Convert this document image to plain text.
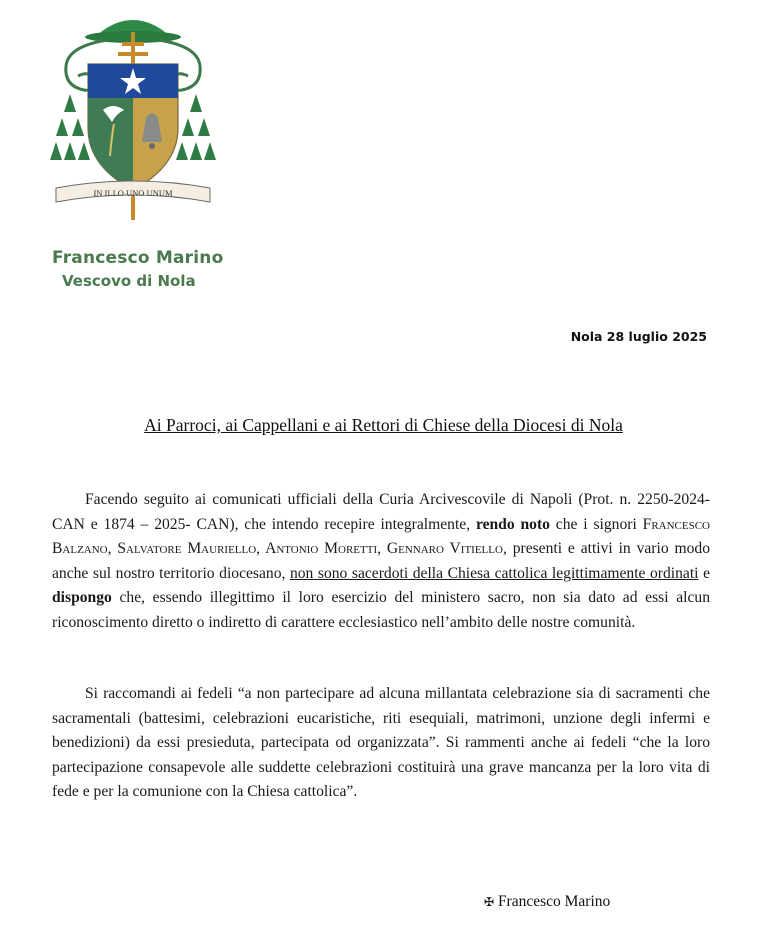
IN ILLO UNO UNUM
Francesco Marino
Vescovo di Nola
Nola 28 luglio 2025
Ai Parroci, ai Cappellani e ai Rettori di Chiese della Diocesi di Nola
Facendo seguito ai comunicati ufficiali della Curia Arcivescovile di Napoli (Prot. n. 2250-2024-CAN e 1874 – 2025- CAN), che intendo recepire integralmente, rendo noto che i signori Francesco Balzano, Salvatore Mauriello, Antonio Moretti, Gennaro Vitiello, presenti e attivi in vario modo anche sul nostro territorio diocesano, non sono sacerdoti della Chiesa cattolica legittimamente ordinati e dispongo che, essendo illegittimo il loro esercizio del ministero sacro, non sia dato ad essi alcun riconoscimento diretto o indiretto di carattere ecclesiastico nell’ambito delle nostre comunità.
Si raccomandi ai fedeli “a non partecipare ad alcuna millantata celebrazione sia di sacramenti che sacramentali (battesimi, celebrazioni eucaristiche, riti esequiali, matrimoni, unzione degli infermi e benedizioni) da essi presieduta, partecipata od organizzata”. Si rammenti anche ai fedeli “che la loro partecipazione consapevole alle suddette celebrazioni costituirà una grave mancanza per la loro vita di fede e per la comunione con la Chiesa cattolica”.
✠ Francesco Marino
